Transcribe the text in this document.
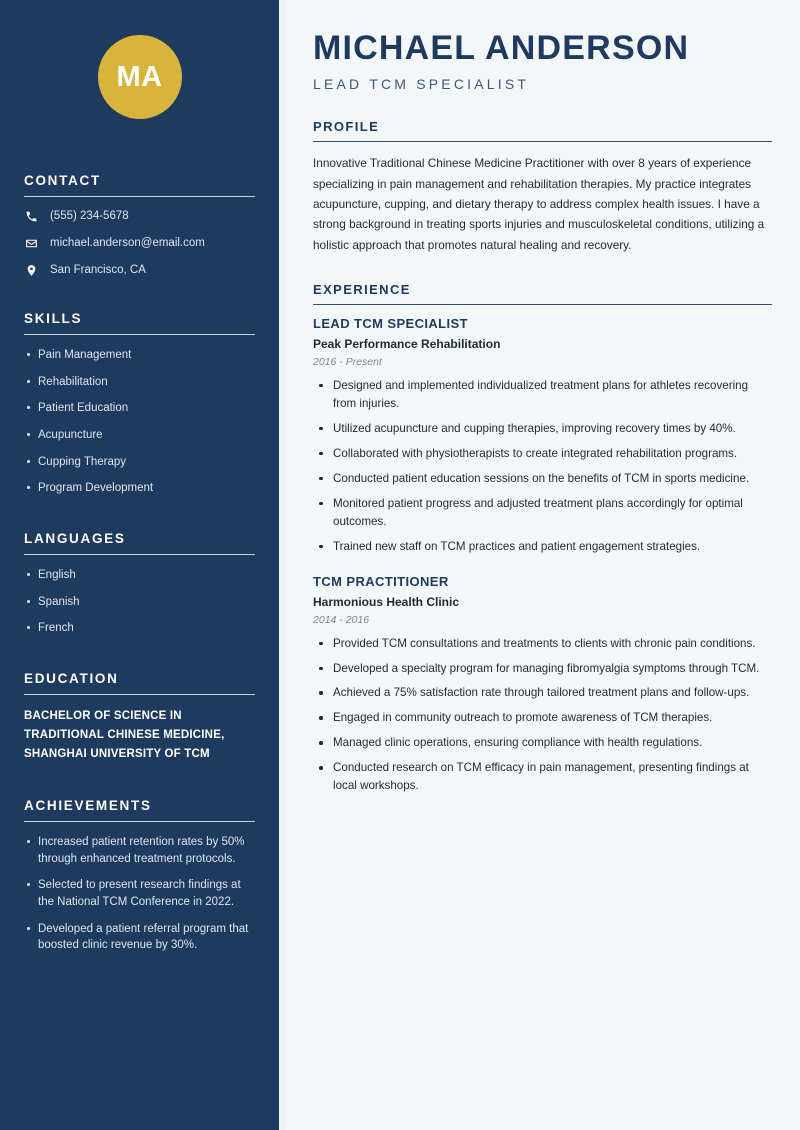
MA
CONTACT
(555) 234-5678
michael.anderson@email.com
San Francisco, CA
SKILLS
Pain Management
Rehabilitation
Patient Education
Acupuncture
Cupping Therapy
Program Development
LANGUAGES
English
Spanish
French
EDUCATION
BACHELOR OF SCIENCE IN TRADITIONAL CHINESE MEDICINE, SHANGHAI UNIVERSITY OF TCM
ACHIEVEMENTS
Increased patient retention rates by 50% through enhanced treatment protocols.
Selected to present research findings at the National TCM Conference in 2022.
Developed a patient referral program that boosted clinic revenue by 30%.
MICHAEL ANDERSON
LEAD TCM SPECIALIST
PROFILE

Innovative Traditional Chinese Medicine Practitioner with over 8 years of experience specializing in pain management and rehabilitation therapies. My practice integrates acupuncture, cupping, and dietary therapy to address complex health issues. I have a strong background in treating sports injuries and musculoskeletal conditions, utilizing a holistic approach that promotes natural healing and recovery.

EXPERIENCE
LEAD TCM SPECIALIST
Peak Performance Rehabilitation
2016 - Present
Designed and implemented individualized treatment plans for athletes recovering from injuries.
Utilized acupuncture and cupping therapies, improving recovery times by 40%.
Collaborated with physiotherapists to create integrated rehabilitation programs.
Conducted patient education sessions on the benefits of TCM in sports medicine.
Monitored patient progress and adjusted treatment plans accordingly for optimal outcomes.
Trained new staff on TCM practices and patient engagement strategies.
TCM PRACTITIONER
Harmonious Health Clinic
2014 - 2016
Provided TCM consultations and treatments to clients with chronic pain conditions.
Developed a specialty program for managing fibromyalgia symptoms through TCM.
Achieved a 75% satisfaction rate through tailored treatment plans and follow-ups.
Engaged in community outreach to promote awareness of TCM therapies.
Managed clinic operations, ensuring compliance with health regulations.
Conducted research on TCM efficacy in pain management, presenting findings at local workshops.
